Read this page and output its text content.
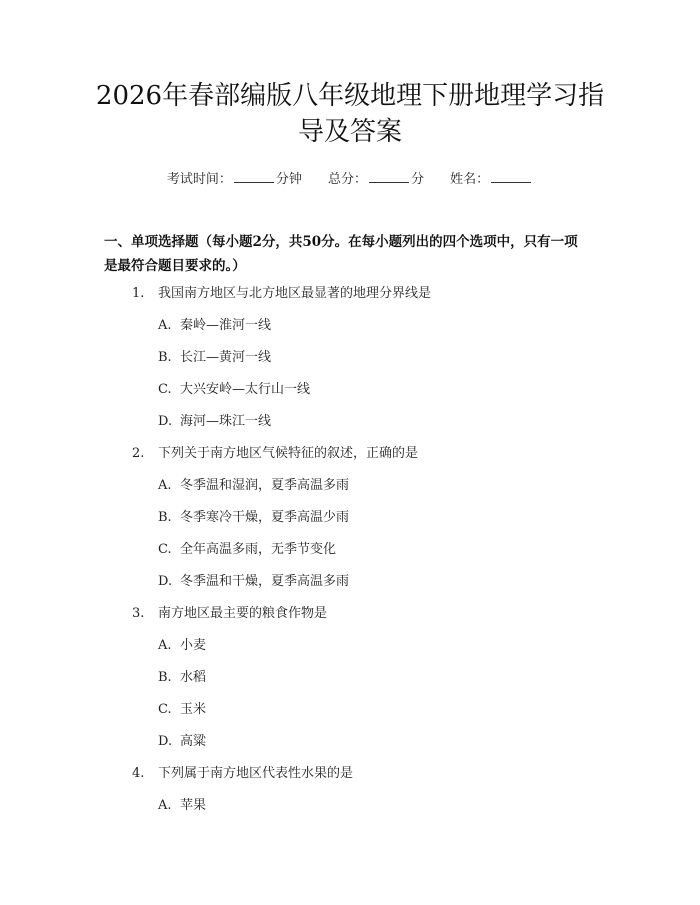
2026年春部编版八年级地理下册地理学习指
导及答案
考试时间：	分钟 总分：	分 姓名：
一、单项选择题（每小题2分，共50分。在每小题列出的四个选项中，只有一项
是最符合题目要求的。）
1. 我国南方地区与北方地区最显著的地理分界线是
A. 秦岭—淮河一线
B. 长江—黄河一线
C. 大兴安岭—太行山一线
D. 海河—珠江一线
2. 下列关于南方地区气候特征的叙述，正确的是
A. 冬季温和湿润，夏季高温多雨
B. 冬季寒冷干燥，夏季高温少雨
C. 全年高温多雨，无季节变化
D. 冬季温和干燥，夏季高温多雨
3. 南方地区最主要的粮食作物是
A. 小麦
B. 水稻
C. 玉米
D. 高粱
4. 下列属于南方地区代表性水果的是
A. 苹果
